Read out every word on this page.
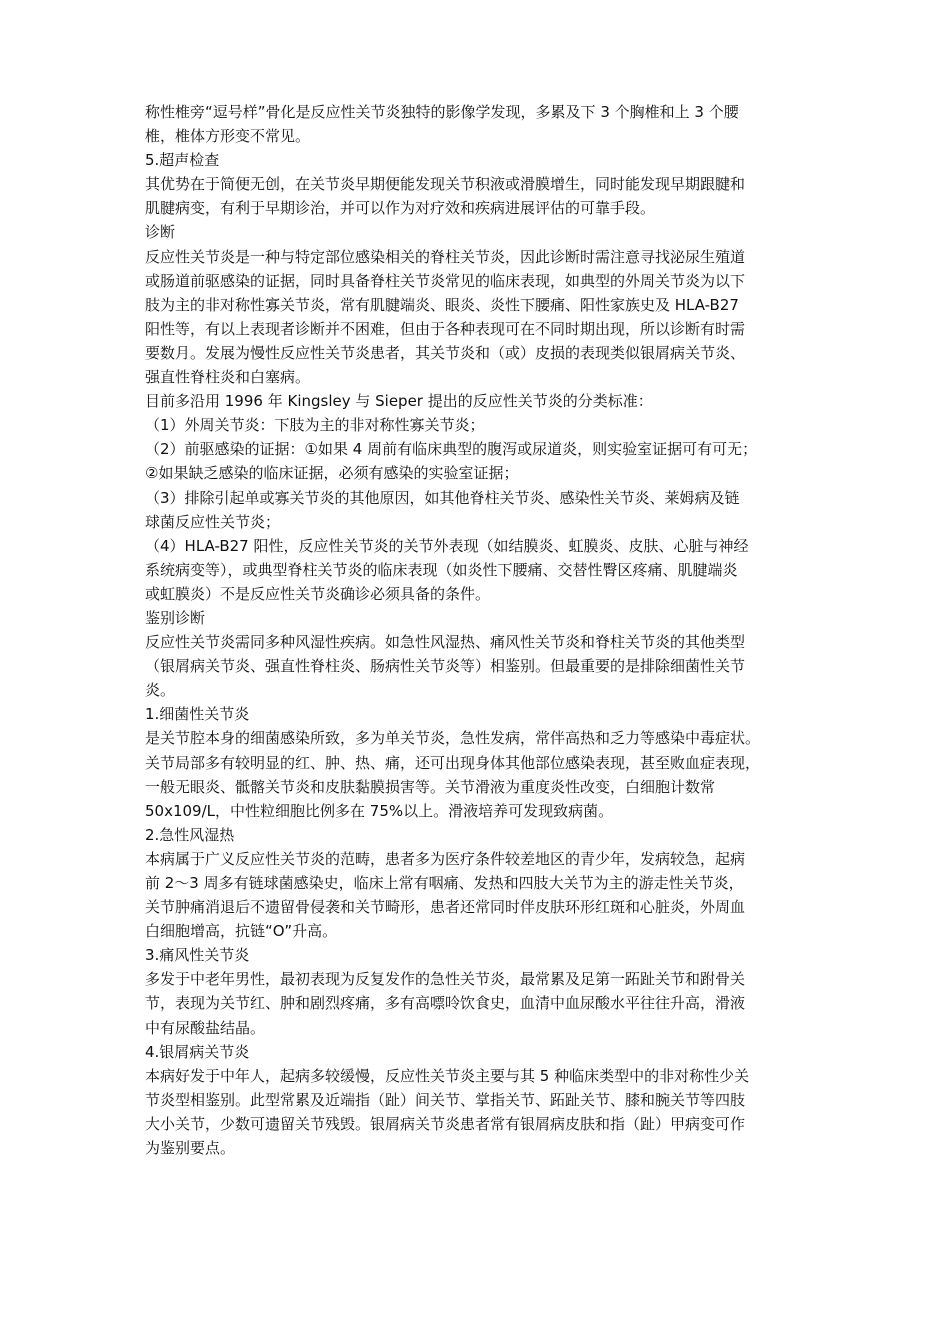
称性椎旁“逗号样”骨化是反应性关节炎独特的影像学发现，多累及下 3 个胸椎和上 3 个腰
椎，椎体方形变不常见。
5.超声检查
其优势在于简便无创，在关节炎早期便能发现关节积液或滑膜增生，同时能发现早期跟腱和
肌腱病变，有利于早期诊治，并可以作为对疗效和疾病进展评估的可靠手段。
诊断
反应性关节炎是一种与特定部位感染相关的脊柱关节炎，因此诊断时需注意寻找泌尿生殖道
或肠道前驱感染的证据，同时具备脊柱关节炎常见的临床表现，如典型的外周关节炎为以下
肢为主的非对称性寡关节炎，常有肌腱端炎、眼炎、炎性下腰痛、阳性家族史及 HLA-B27
阳性等，有以上表现者诊断并不困难，但由于各种表现可在不同时期出现，所以诊断有时需
要数月。发展为慢性反应性关节炎患者，其关节炎和（或）皮损的表现类似银屑病关节炎、
强直性脊柱炎和白塞病。
目前多沿用 1996 年 Kingsley 与 Sieper 提出的反应性关节炎的分类标准：
（1）外周关节炎：下肢为主的非对称性寡关节炎；
（2）前驱感染的证据：①如果 4 周前有临床典型的腹泻或尿道炎，则实验室证据可有可无；
②如果缺乏感染的临床证据，必须有感染的实验室证据；
（3）排除引起单或寡关节炎的其他原因，如其他脊柱关节炎、感染性关节炎、莱姆病及链
球菌反应性关节炎；
（4）HLA-B27 阳性，反应性关节炎的关节外表现（如结膜炎、虹膜炎、皮肤、心脏与神经
系统病变等），或典型脊柱关节炎的临床表现（如炎性下腰痛、交替性臀区疼痛、肌腱端炎
或虹膜炎）不是反应性关节炎确诊必须具备的条件。
鉴别诊断
反应性关节炎需同多种风湿性疾病。如急性风湿热、痛风性关节炎和脊柱关节炎的其他类型
（银屑病关节炎、强直性脊柱炎、肠病性关节炎等）相鉴别。但最重要的是排除细菌性关节
炎。
1.细菌性关节炎
是关节腔本身的细菌感染所致，多为单关节炎，急性发病，常伴高热和乏力等感染中毒症状。
关节局部多有较明显的红、肿、热、痛，还可出现身体其他部位感染表现，甚至败血症表现，
一般无眼炎、骶髂关节炎和皮肤黏膜损害等。关节滑液为重度炎性改变，白细胞计数常
50x109/L，中性粒细胞比例多在 75%以上。滑液培养可发现致病菌。
2.急性风湿热
本病属于广义反应性关节炎的范畴，患者多为医疗条件较差地区的青少年，发病较急，起病
前 2～3 周多有链球菌感染史，临床上常有咽痛、发热和四肢大关节为主的游走性关节炎，
关节肿痛消退后不遗留骨侵袭和关节畸形，患者还常同时伴皮肤环形红斑和心脏炎，外周血
白细胞增高，抗链“O”升高。
3.痛风性关节炎
多发于中老年男性，最初表现为反复发作的急性关节炎，最常累及足第一跖趾关节和跗骨关
节，表现为关节红、肿和剧烈疼痛，多有高嘌呤饮食史，血清中血尿酸水平往往升高，滑液
中有尿酸盐结晶。
4.银屑病关节炎
本病好发于中年人，起病多较缓慢，反应性关节炎主要与其 5 种临床类型中的非对称性少关
节炎型相鉴别。此型常累及近端指（趾）间关节、掌指关节、跖趾关节、膝和腕关节等四肢
大小关节，少数可遗留关节残毁。银屑病关节炎患者常有银屑病皮肤和指（趾）甲病变可作
为鉴别要点。
